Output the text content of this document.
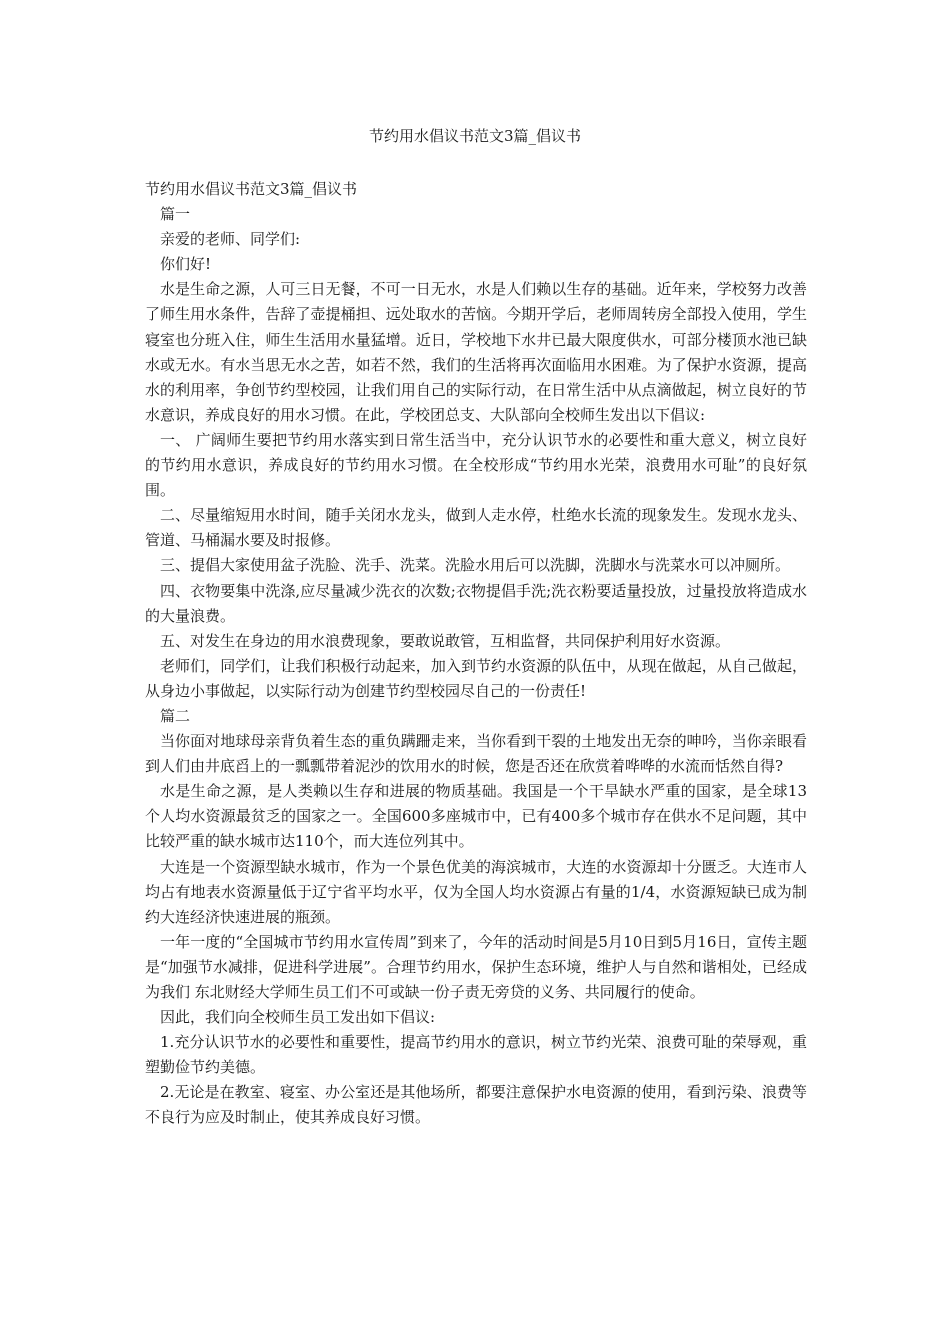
节约用水倡议书范文3篇_倡议书

节约用水倡议书范文3篇_倡议书

篇一

亲爱的老师、同学们:

你们好!

水是生命之源，人可三日无餐，不可一日无水，水是人们赖以生存的基础。近年来，学校努力改善了师生用水条件，告辞了壶提桶担、远处取水的苦恼。今期开学后，老师周转房全部投入使用，学生寝室也分班入住，师生生活用水量猛增。近日，学校地下水井已最大限度供水，可部分楼顶水池已缺水或无水。有水当思无水之苦，如若不然，我们的生活将再次面临用水困难。为了保护水资源，提高水的利用率，争创节约型校园，让我们用自己的实际行动，在日常生活中从点滴做起，树立良好的节水意识，养成良好的用水习惯。在此，学校团总支、大队部向全校师生发出以下倡议:

一、 广阔师生要把节约用水落实到日常生活当中，充分认识节水的必要性和重大意义，树立良好的节约用水意识，养成良好的节约用水习惯。在全校形成“节约用水光荣，浪费用水可耻”的良好氛围。

二、尽量缩短用水时间，随手关闭水龙头，做到人走水停，杜绝水长流的现象发生。发现水龙头、管道、马桶漏水要及时报修。

三、提倡大家使用盆子洗脸、洗手、洗菜。洗脸水用后可以洗脚，洗脚水与洗菜水可以冲厕所。

四、衣物要集中洗涤,应尽量减少洗衣的次数;衣物提倡手洗;洗衣粉要适量投放，过量投放将造成水的大量浪费。

五、对发生在身边的用水浪费现象，要敢说敢管，互相监督，共同保护利用好水资源。

老师们，同学们，让我们积极行动起来，加入到节约水资源的队伍中，从现在做起，从自己做起，从身边小事做起，以实际行动为创建节约型校园尽自己的一份责任!

篇二

当你面对地球母亲背负着生态的重负蹒跚走来，当你看到干裂的土地发出无奈的呻吟，当你亲眼看到人们由井底舀上的一瓢瓢带着泥沙的饮用水的时候，您是否还在欣赏着哗哗的水流而恬然自得?

水是生命之源，是人类赖以生存和进展的物质基础。我国是一个干旱缺水严重的国家，是全球13个人均水资源最贫乏的国家之一。全国600多座城市中，已有400多个城市存在供水不足问题，其中比较严重的缺水城市达110个，而大连位列其中。

大连是一个资源型缺水城市，作为一个景色优美的海滨城市，大连的水资源却十分匮乏。大连市人均占有地表水资源量低于辽宁省平均水平，仅为全国人均水资源占有量的1/4，水资源短缺已成为制约大连经济快速进展的瓶颈。

一年一度的“全国城市节约用水宣传周”到来了，今年的活动时间是5月10日到5月16日，宣传主题是“加强节水减排，促进科学进展”。合理节约用水，保护生态环境，维护人与自然和谐相处，已经成为我们 东北财经大学师生员工们不可或缺一份子责无旁贷的义务、共同履行的使命。

因此，我们向全校师生员工发出如下倡议:

1.充分认识节水的必要性和重要性，提高节约用水的意识，树立节约光荣、浪费可耻的荣辱观，重塑勤俭节约美德。

2.无论是在教室、寝室、办公室还是其他场所，都要注意保护水电资源的使用，看到污染、浪费等不良行为应及时制止，使其养成良好习惯。
